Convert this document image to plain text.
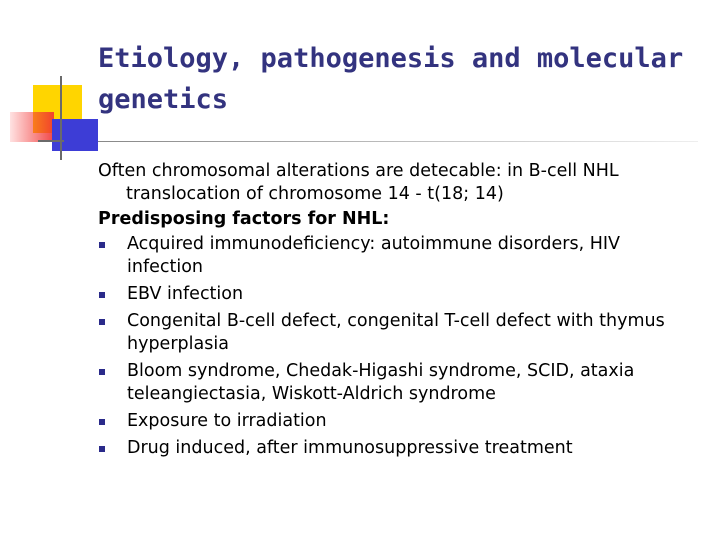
Etiology, pathogenesis and molecular genetics

Often chromosomal alterations are detecable: in B-cell NHL translocation of chromosome 14 - t(18; 14)

Predisposing factors for NHL:

Acquired immunodeficiency: autoimmune disorders, HIV infection
EBV infection
Congenital B-cell defect, congenital T-cell defect with thymus hyperplasia
Bloom syndrome, Chedak-Higashi syndrome, SCID, ataxia teleangiectasia, Wiskott-Aldrich syndrome
Exposure to irradiation
Drug induced, after immunosuppressive treatment
